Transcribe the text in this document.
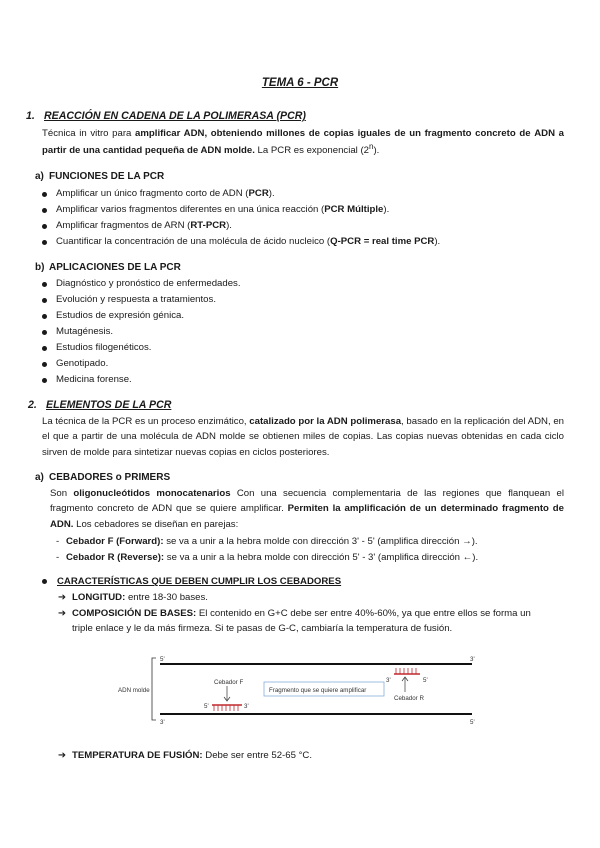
TEMA 6 - PCR
1. REACCIÓN EN CADENA DE LA POLIMERASA (PCR)
Técnica in vitro para amplificar ADN, obteniendo millones de copias iguales de un fragmento concreto de ADN a partir de una cantidad pequeña de ADN molde. La PCR es exponencial (2$^n$).
a) FUNCIONES DE LA PCR
Amplificar un único fragmento corto de ADN (PCR).
Amplificar varios fragmentos diferentes en una única reacción (PCR Múltiple).
Amplificar fragmentos de ARN (RT-PCR).
Cuantificar la concentración de una molécula de ácido nucleico (Q-PCR = real time PCR).
b) APLICACIONES DE LA PCR
Diagnóstico y pronóstico de enfermedades.
Evolución y respuesta a tratamientos.
Estudios de expresión génica.
Mutagénesis.
Estudios filogenéticos.
Genotipado.
Medicina forense.
2. ELEMENTOS DE LA PCR
La técnica de la PCR es un proceso enzimático, catalizado por la ADN polimerasa, basado en la replicación del ADN, en el que a partir de una molécula de ADN molde se obtienen miles de copias. Las copias nuevas obtenidas en cada ciclo sirven de molde para sintetizar nuevas copias en ciclos posteriores.
a) CEBADORES o PRIMERS
Son oligonucleótidos monocatenarios Con una secuencia complementaria de las regiones que flanquean el fragmento concreto de ADN que se quiere amplificar. Permiten la amplificación de un determinado fragmento de ADN. Los cebadores se diseñan en parejas:
- Cebador F (Forward): se va a unir a la hebra molde con dirección 3' - 5' (amplifica dirección →).
- Cebador R (Reverse): se va a unir a la hebra molde con dirección 5' - 3' (amplifica dirección ←).
CARACTERÍSTICAS QUE DEBEN CUMPLIR LOS CEBADORES
➔ LONGITUD: entre 18-30 bases.
➔ COMPOSICIÓN DE BASES: El contenido en G+C debe ser entre 40%-60%, ya que entre ellos se forma un
triple enlace y le da más firmeza. Si te pasas de G-C, cambiaría la temperatura de fusión.
ADN molde
5'	3'
3'	5'
Fragmento que se quiere amplificar
3'	5'
Cebador R
5'	3'
Cebador F
➔ TEMPERATURA DE FUSIÓN: Debe ser entre 52-65 °C.
